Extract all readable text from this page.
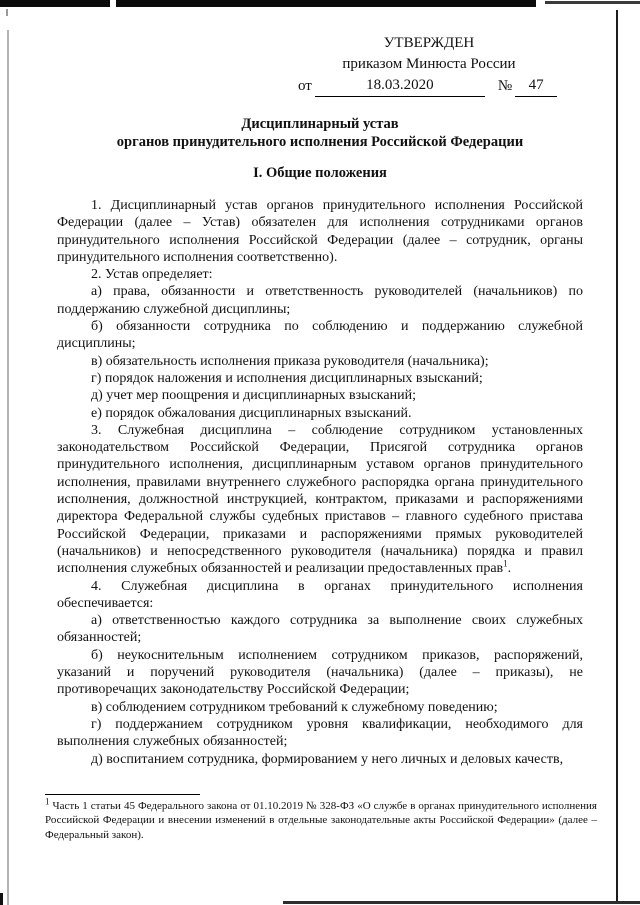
УТВЕРЖДЕН
приказом Минюста России
от	18.03.2020	№	47
Дисциплинарный устав
органов принудительного исполнения Российской Федерации
I. Общие положения

1. Дисциплинарный устав органов принудительного исполнения Российской Федерации (далее – Устав) обязателен для исполнения сотрудниками органов принудительного исполнения Российской Федерации (далее – сотрудник, органы принудительного исполнения соответственно).

2. Устав определяет:

а) права, обязанности и ответственность руководителей (начальников) по поддержанию служебной дисциплины;

б) обязанности сотрудника по соблюдению и поддержанию служебной дисциплины;

в) обязательность исполнения приказа руководителя (начальника);

г) порядок наложения и исполнения дисциплинарных взысканий;

д) учет мер поощрения и дисциплинарных взысканий;

е) порядок обжалования дисциплинарных взысканий.

3. Служебная дисциплина – соблюдение сотрудником установленных законодательством Российской Федерации, Присягой сотрудника органов принудительного исполнения, дисциплинарным уставом органов принудительного исполнения, правилами внутреннего служебного распорядка органа принудительного исполнения, должностной инструкцией, контрактом, приказами и распоряжениями директора Федеральной службы судебных приставов – главного судебного пристава Российской Федерации, приказами и распоряжениями прямых руководителей (начальников) и непосредственного руководителя (начальника) порядка и правил исполнения служебных обязанностей и реализации предоставленных прав$^1$.

4. Служебная дисциплина в органах принудительного исполнения обеспечивается:

а) ответственностью каждого сотрудника за выполнение своих служебных обязанностей;

б) неукоснительным исполнением сотрудником приказов, распоряжений, указаний и поручений руководителя (начальника) (далее – приказы), не противоречащих законодательству Российской Федерации;

в) соблюдением сотрудником требований к служебному поведению;

г) поддержанием сотрудником уровня квалификации, необходимого для выполнения служебных обязанностей;

д) воспитанием сотрудника, формированием у него личных и деловых качеств,

$^1$ Часть 1 статьи 45 Федерального закона от 01.10.2019 № 328-ФЗ «О службе в органах принудительного исполнения Российской Федерации и внесении изменений в отдельные законодательные акты Российской Федерации» (далее – Федеральный закон).
